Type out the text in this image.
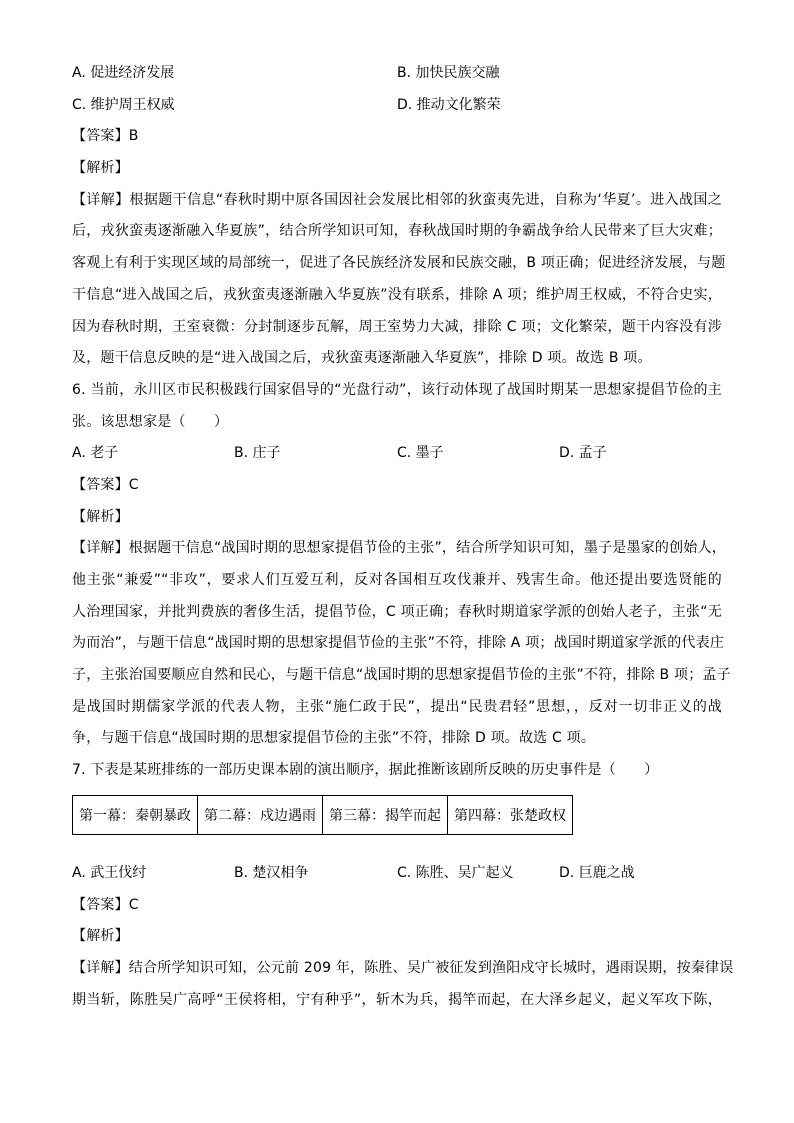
A. 促进经济发展	B. 加快民族交融
C. 维护周王权威	D. 推动文化繁荣
【答案】B
【解析】
【详解】根据题干信息“春秋时期中原各国因社会发展比相邻的狄蛮夷先进，自称为‘华夏’。进入战国之
后，戎狄蛮夷逐渐融入华夏族”，结合所学知识可知，春秋战国时期的争霸战争给人民带来了巨大灾难；
客观上有利于实现区域的局部统一，促进了各民族经济发展和民族交融，B 项正确；促进经济发展，与题
干信息“进入战国之后，戎狄蛮夷逐渐融入华夏族”没有联系，排除 A 项；维护周王权威，不符合史实，
因为春秋时期，王室衰微：分封制逐步瓦解，周王室势力大减，排除 C 项；文化繁荣，题干内容没有涉
及，题干信息反映的是“进入战国之后，戎狄蛮夷逐渐融入华夏族”，排除 D 项。故选 B 项。
6. 当前，永川区市民积极践行国家倡导的“光盘行动”，该行动体现了战国时期某一思想家提倡节俭的主
张。该思想家是（　　）
A. 老子	B. 庄子	C. 墨子	D. 孟子
【答案】C
【解析】
【详解】根据题干信息“战国时期的思想家提倡节俭的主张”，结合所学知识可知，墨子是墨家的创始人，
他主张“兼爱”“非攻”，要求人们互爱互利，反对各国相互攻伐兼并、残害生命。他还提出要选贤能的
人治理国家，并批判费族的奢侈生活，提倡节俭，C 项正确；春秋时期道家学派的创始人老子，主张“无
为而治”，与题干信息“战国时期的思想家提倡节俭的主张”不符，排除 A 项；战国时期道家学派的代表庄
子，主张治国要顺应自然和民心，与题干信息“战国时期的思想家提倡节俭的主张”不符，排除 B 项；孟子
是战国时期儒家学派的代表人物，主张“施仁政于民”，提出“民贵君轻”思想，，反对一切非正义的战
争，与题干信息“战国时期的思想家提倡节俭的主张”不符，排除 D 项。故选 C 项。
7. 下表是某班排练的一部历史课本剧的演出顺序，据此推断该剧所反映的历史事件是（　　）
第一幕：秦朝暴政	第二幕：戍边遇雨	第三幕：揭竿而起	第四幕：张楚政权
A. 武王伐纣	B. 楚汉相争	C. 陈胜、吴广起义	D. 巨鹿之战
【答案】C
【解析】
【详解】结合所学知识可知，公元前 209 年，陈胜、吴广被征发到渔阳戍守长城时，遇雨误期，按秦律误
期当斩，陈胜吴广高呼“王侯将相，宁有种乎”，斩木为兵，揭竿而起，在大泽乡起义，起义军攻下陈，
